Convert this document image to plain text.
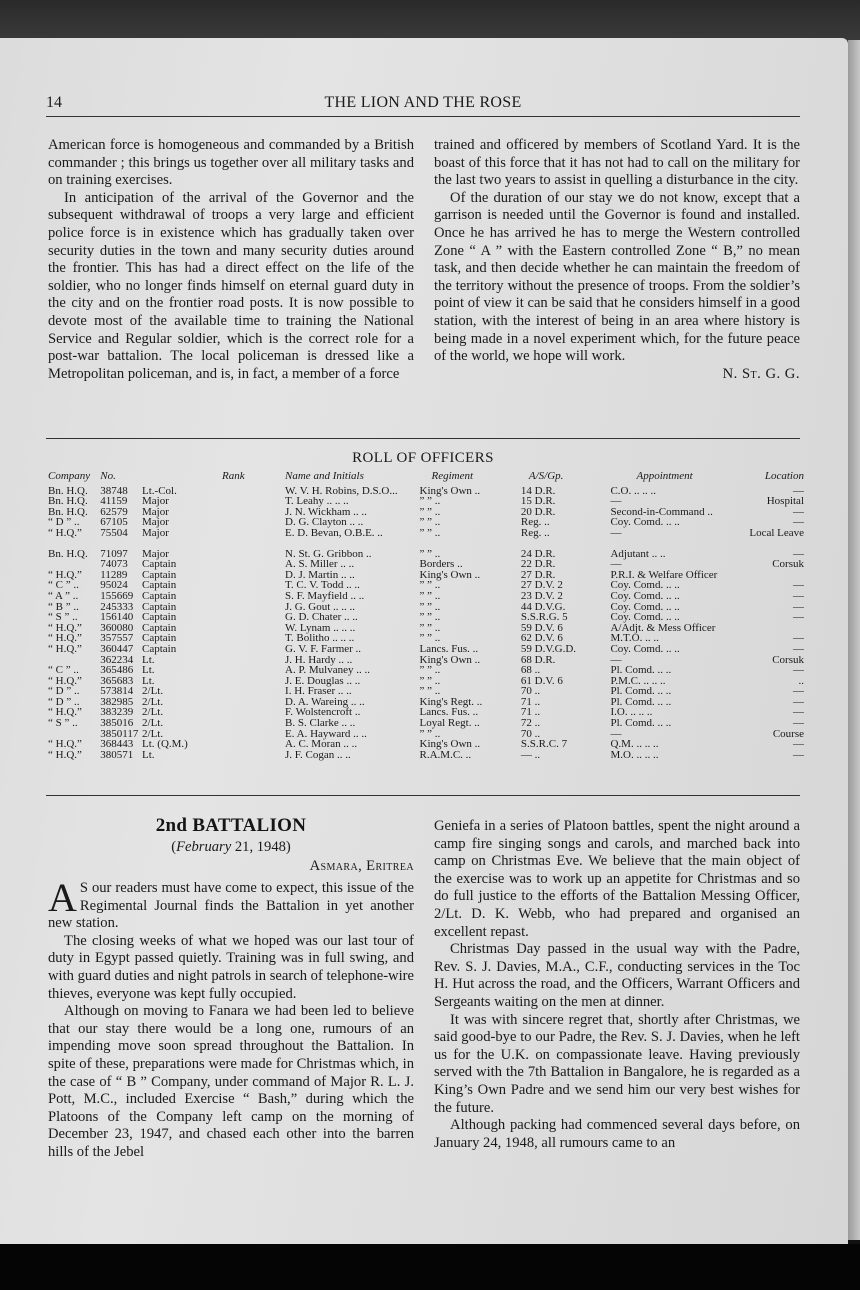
14	THE LION AND THE ROSE

American force is homogeneous and commanded by a British commander ; this brings us together over all military tasks and on training exercises.

In anticipation of the arrival of the Governor and the subsequent withdrawal of troops a very large and efficient police force is in existence which has gradually taken over security duties in the town and many security duties around the frontier. This has had a direct effect on the life of the soldier, who no longer finds himself on eternal guard duty in the city and on the frontier road posts. It is now possible to devote most of the available time to training the National Service and Regular soldier, which is the correct role for a post-war battalion. The local policeman is dressed like a Metropolitan policeman, and is, in fact, a member of a force

trained and officered by members of Scotland Yard. It is the boast of this force that it has not had to call on the military for the last two years to assist in quelling a disturbance in the city.

Of the duration of our stay we do not know, except that a garrison is needed until the Governor is found and installed. Once he has arrived he has to merge the Western controlled Zone “ A ” with the Eastern controlled Zone “ B,” no mean task, and then decide whether he can maintain the freedom of the territory without the presence of troops. From the soldier’s point of view it can be said that he considers himself in a good station, with the interest of being in an area where history is being made in a novel experiment which, for the future peace of the world, we hope will work.

N. St. G. G.

ROLL OF OFFICERS
Company	No.	Rank	Name and Initials	Regiment	A/S/Gp.	Appointment	Location
Bn. H.Q.	38748	Lt.-Col.	W. V. H. Robins, D.S.O...	King's Own ..	14 D.R.	C.O. .. .. ..	—
Bn. H.Q.	41159	Major	T. Leahy .. .. ..	” ” ..	15 D.R.	—	Hospital
Bn. H.Q.	62579	Major	J. N. Wickham .. ..	” ” ..	20 D.R.	Second-in-Command ..	—
“ D ” ..	67105	Major	D. G. Clayton .. ..	” ” ..	Reg. ..	Coy. Comd. .. ..	—
“ H.Q.”	75504	Major	E. D. Bevan, O.B.E. ..	” ” ..	Reg. ..	—	Local Leave

Bn. H.Q.	71097	Major	N. St. G. Gribbon ..	” ” ..	24 D.R.	Adjutant .. ..	—
	74073	Captain	A. S. Miller .. ..	Borders ..	22 D.R.	—	Corsuk
“ H.Q.”	11289	Captain	D. J. Martin .. ..	King's Own ..	27 D.R.	P.R.I. & Welfare Officer	
“ C ” ..	95024	Captain	T. C. V. Todd .. ..	” ” ..	27 D.V. 2	Coy. Comd. .. ..	—
“ A ” ..	155669	Captain	S. F. Mayfield .. ..	” ” ..	23 D.V. 2	Coy. Comd. .. ..	—
“ B ” ..	245333	Captain	J. G. Gout .. .. ..	” ” ..	44 D.V.G.	Coy. Comd. .. ..	—
“ S ” ..	156140	Captain	G. D. Chater .. ..	” ” ..	S.S.R.G. 5	Coy. Comd. .. ..	—
“ H.Q.”	360080	Captain	W. Lynam .. .. ..	” ” ..	59 D.V. 6	A/Adjt. & Mess Officer	
“ H.Q.”	357557	Captain	T. Bolitho .. .. ..	” ” ..	62 D.V. 6	M.T.O. .. ..	—
“ H.Q.”	360447	Captain	G. V. F. Farmer ..	Lancs. Fus. ..	59 D.V.G.D.	Coy. Comd. .. ..	—
	362234	Lt.	J. H. Hardy .. ..	King's Own ..	68 D.R.	—	Corsuk
“ C ” ..	365486	Lt.	A. P. Mulvaney .. ..	” ” ..	68 ..	Pl. Comd. .. ..	—
“ H.Q.”	365683	Lt.	J. E. Douglas .. ..	” ” ..	61 D.V. 6	P.M.C. .. .. ..	..
“ D ” ..	573814	2/Lt.	I. H. Fraser .. ..	” ” ..	70 ..	Pl. Comd. .. ..	—
“ D ” ..	382985	2/Lt.	D. A. Wareing .. ..	King's Regt. ..	71 ..	Pl. Comd. .. ..	—
“ H.Q.”	383239	2/Lt.	F. Wolstencroft ..	Lancs. Fus. ..	71 ..	I.O. .. .. ..	—
“ S ” ..	385016	2/Lt.	B. S. Clarke .. ..	Loyal Regt. ..	72 ..	Pl. Comd. .. ..	—
	3850117	2/Lt.	E. A. Hayward .. ..	” ” ..	70 ..	—	Course
“ H.Q.”	368443	Lt. (Q.M.)	A. C. Moran .. ..	King's Own ..	S.S.R.C. 7	Q.M. .. .. ..	—
“ H.Q.”	380571	Lt.	J. F. Cogan .. ..	R.A.M.C. ..	— ..	M.O. .. .. ..	—
2nd BATTALION
(February 21, 1948)
Asmara, Eritrea

A S our readers must have come to expect, this issue of the Regimental Journal finds the Battalion in yet another new station.

The closing weeks of what we hoped was our last tour of duty in Egypt passed quietly. Training was in full swing, and with guard duties and night patrols in search of telephone-wire thieves, everyone was kept fully occupied.

Although on moving to Fanara we had been led to believe that our stay there would be a long one, rumours of an impending move soon spread throughout the Battalion. In spite of these, preparations were made for Christmas which, in the case of “ B ” Company, under command of Major R. L. J. Pott, M.C., included Exercise “ Bash,” during which the Platoons of the Company left camp on the morning of December 23, 1947, and chased each other into the barren hills of the Jebel

Geniefa in a series of Platoon battles, spent the night around a camp fire singing songs and carols, and marched back into camp on Christmas Eve. We believe that the main object of the exercise was to work up an appetite for Christmas and so do full justice to the efforts of the Battalion Messing Officer, 2/Lt. D. K. Webb, who had prepared and organised an excellent repast.

Christmas Day passed in the usual way with the Padre, Rev. S. J. Davies, M.A., C.F., conducting services in the Toc H. Hut across the road, and the Officers, Warrant Officers and Sergeants waiting on the men at dinner.

It was with sincere regret that, shortly after Christmas, we said good-bye to our Padre, the Rev. S. J. Davies, when he left us for the U.K. on compassionate leave. Having previously served with the 7th Battalion in Bangalore, he is regarded as a King’s Own Padre and we send him our very best wishes for the future.

Although packing had commenced several days before, on January 24, 1948, all rumours came to an
